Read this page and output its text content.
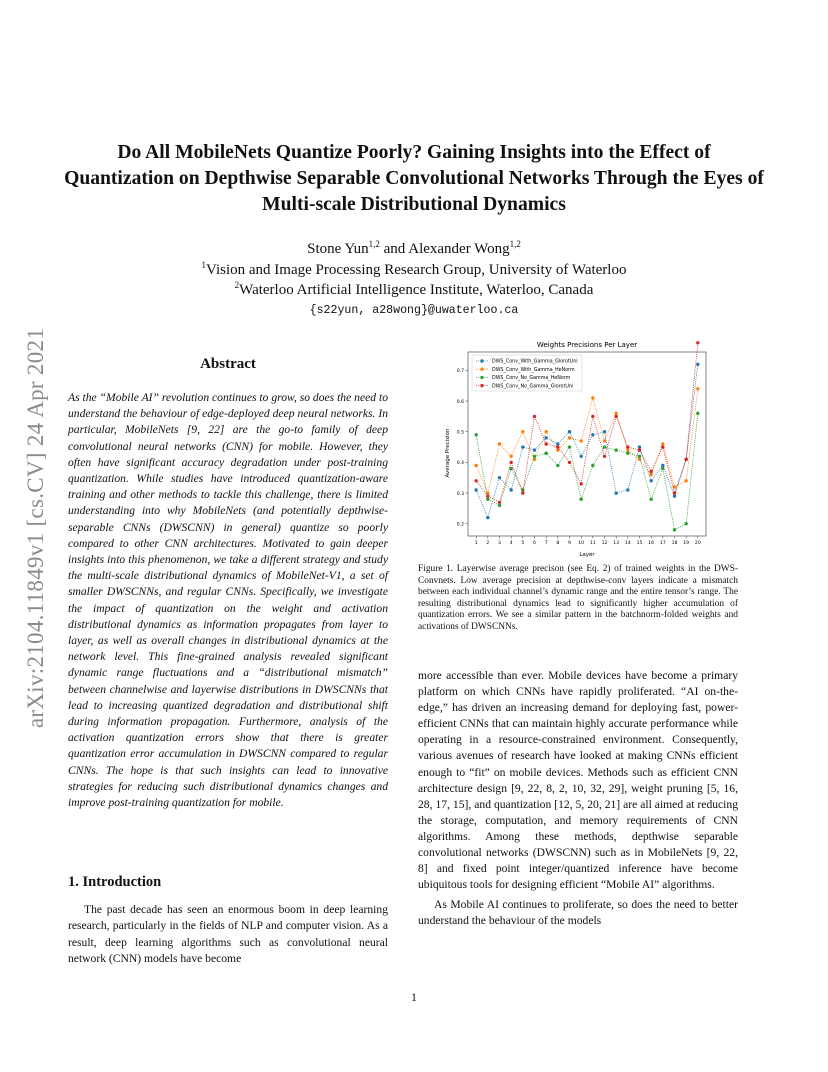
arXiv:2104.11849v1 [cs.CV] 24 Apr 2021
Do All MobileNets Quantize Poorly? Gaining Insights into the Effect of Quantization on Depthwise Separable Convolutional Networks Through the Eyes of Multi-scale Distributional Dynamics
Stone Yun$^{1,2}$ and Alexander Wong$^{1,2}$
$^1$Vision and Image Processing Research Group, University of Waterloo
$^2$Waterloo Artificial Intelligence Institute, Waterloo, Canada
{s22yun, a28wong}@uwaterloo.ca
Abstract
As the “Mobile AI” revolution continues to grow, so does the need to understand the behaviour of edge-deployed deep neural networks. In particular, MobileNets [9, 22] are the go-to family of deep convolutional neural networks (CNN) for mobile. However, they often have significant accuracy degradation under post-training quantization. While studies have introduced quantization-aware training and other methods to tackle this challenge, there is limited understanding into why MobileNets (and potentially depthwise-separable CNNs (DWSCNN) in general) quantize so poorly compared to other CNN architectures. Motivated to gain deeper insights into this phenomenon, we take a different strategy and study the multi-scale distributional dynamics of MobileNet-V1, a set of smaller DWSCNNs, and regular CNNs. Specifically, we investigate the impact of quantization on the weight and activation distributional dynamics as information propagates from layer to layer, as well as overall changes in distributional dynamics at the network level. This fine-grained analysis revealed significant dynamic range fluctuations and a “distributional mismatch” between channelwise and layerwise distributions in DWSCNNs that lead to increasing quantized degradation and distributional shift during information propagation. Furthermore, analysis of the activation quantization errors show that there is greater quantization error accumulation in DWSCNN compared to regular CNNs. The hope is that such insights can lead to innovative strategies for reducing such distributional dynamics changes and improve post-training quantization for mobile.
1. Introduction
The past decade has seen an enormous boom in deep learning research, particularly in the fields of NLP and computer vision. As a result, deep learning algorithms such as convolutional neural network (CNN) models have become
Weights Precisions Per Layer
Average Precision
Layer
0.2
0.3
0.4
0.5
0.6
0.7
1 2 3 4 5 6 7 8 9 10 11 12 13 14 15 16 17 18 19 20
DWS_Conv_With_Gamma_GlorotUni
DWS_Conv_With_Gamma_HeNorm
DWS_Conv_No_Gamma_HeNorm
DWS_Conv_No_Gamma_GlorotUni
Figure 1. Layerwise average precison (see Eq. 2) of trained weights in the DWS-Convnets. Low average precision at depthwise-conv layers indicate a mismatch between each individual channel’s dynamic range and the entire tensor’s range. The resulting distributional dynamics lead to significantly higher accumulation of quantization errors. We see a similar pattern in the batchnorm-folded weights and activations of DWSCNNs.

more accessible than ever. Mobile devices have become a primary platform on which CNNs have rapidly proliferated. “AI on-the-edge,” has driven an increasing demand for deploying fast, power-efficient CNNs that can maintain highly accurate performance while operating in a resource-constrained environment. Consequently, various avenues of research have looked at making CNNs efficient enough to “fit” on mobile devices. Methods such as efficient CNN architecture design [9, 22, 8, 2, 10, 32, 29], weight pruning [5, 16, 28, 17, 15], and quantization [12, 5, 20, 21] are all aimed at reducing the storage, computation, and memory requirements of CNN algorithms. Among these methods, depthwise separable convolutional networks (DWSCNN) such as in MobileNets [9, 22, 8] and fixed point integer/quantized inference have become ubiquitous tools for designing efficient “Mobile AI” algorithms.

As Mobile AI continues to proliferate, so does the need to better understand the behaviour of the models

1
